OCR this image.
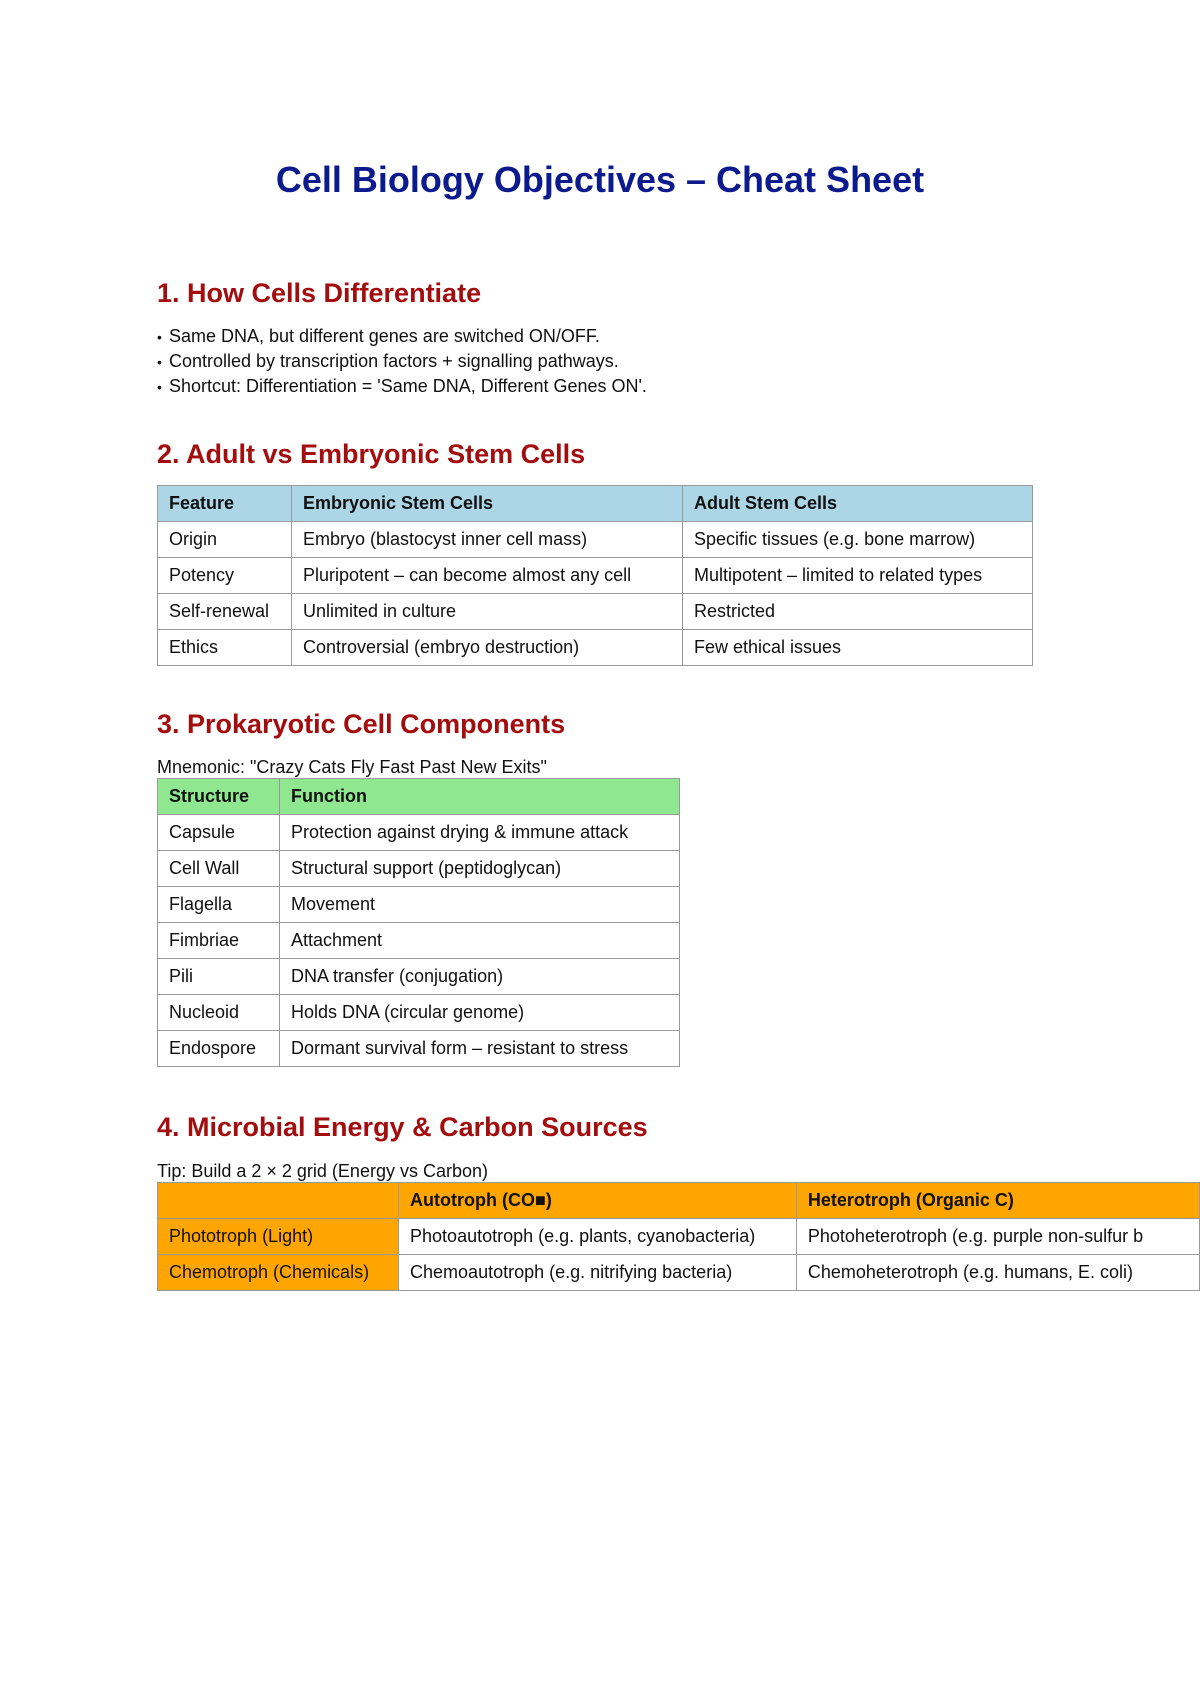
Cell Biology Objectives – Cheat Sheet
1. How Cells Differentiate
• Same DNA, but different genes are switched ON/OFF.
• Controlled by transcription factors + signalling pathways.
• Shortcut: Differentiation = 'Same DNA, Different Genes ON'.
2. Adult vs Embryonic Stem Cells
Feature	Embryonic Stem Cells	Adult Stem Cells
Origin	Embryo (blastocyst inner cell mass)	Specific tissues (e.g. bone marrow)
Potency	Pluripotent – can become almost any cell	Multipotent – limited to related types
Self-renewal	Unlimited in culture	Restricted
Ethics	Controversial (embryo destruction)	Few ethical issues
3. Prokaryotic Cell Components

Mnemonic: "Crazy Cats Fly Fast Past New Exits"

Structure	Function
Capsule	Protection against drying & immune attack
Cell Wall	Structural support (peptidoglycan)
Flagella	Movement
Fimbriae	Attachment
Pili	DNA transfer (conjugation)
Nucleoid	Holds DNA (circular genome)
Endospore	Dormant survival form – resistant to stress
4. Microbial Energy & Carbon Sources

Tip: Build a 2 × 2 grid (Energy vs Carbon)

	Autotroph (CO■)	Heterotroph (Organic C)
Phototroph (Light)	Photoautotroph (e.g. plants, cyanobacteria)	Photoheterotroph (e.g. purple non-sulfur b
Chemotroph (Chemicals)	Chemoautotroph (e.g. nitrifying bacteria)	Chemoheterotroph (e.g. humans, E. coli)
